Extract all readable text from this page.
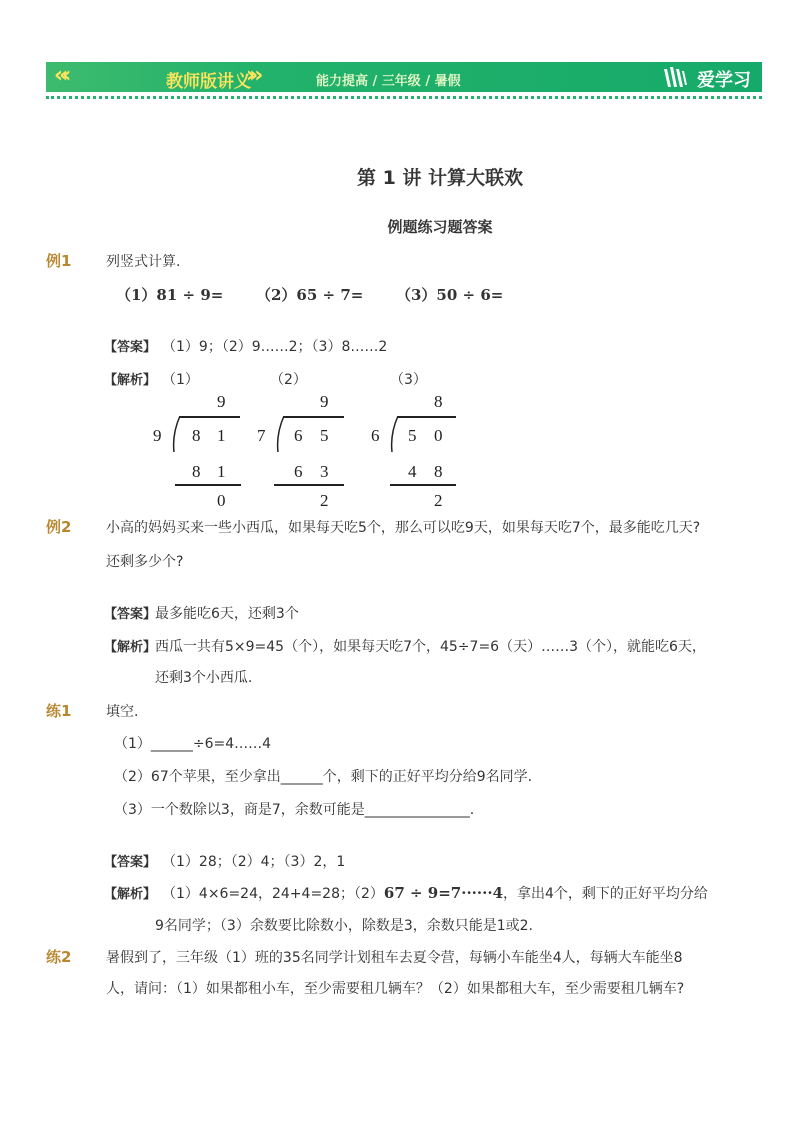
«‹	教师版讲义
›»	能力提高 / 三年级 / 暑假	爱学习
第 1 讲 计算大联欢
例题练习题答案
例1 列竖式计算.
（1）81 ÷ 9= （2）65 ÷ 7= （3）50 ÷ 6=
【答案】 （1）9；（2）9……2；（3）8……2
【解析】 （1）	（2）	（3）
9
9 8 1
8 1
0
9
7 6 5
6 3
2
8
6 5 0
4 8
2
例2 小高的妈妈买来一些小西瓜，如果每天吃5个，那么可以吃9天，如果每天吃7个，最多能吃几天?
还剩多少个?
【答案】
最多能吃6天，还剩3个
【解析】
西瓜一共有5×9=45（个），如果每天吃7个，45÷7=6（天）……3（个），就能吃6天，
还剩3个小西瓜.
练1 填空.
（1）______÷6=4……4
（2）67个苹果，至少拿出______个，剩下的正好平均分给9名同学.
（3）一个数除以3，商是7，余数可能是_______________.
【答案】 （1）28；（2）4；（3）2，1
【解析】 （1）4×6=24，24+4=28；（2）67 ÷ 9=7······4，拿出4个，剩下的正好平均分给
9名同学；（3）余数要比除数小，除数是3，余数只能是1或2.
练2 暑假到了，三年级（1）班的35名同学计划租车去夏令营，每辆小车能坐4人，每辆大车能坐8
人，请问：（1）如果都租小车，至少需要租几辆车？（2）如果都租大车，至少需要租几辆车?
